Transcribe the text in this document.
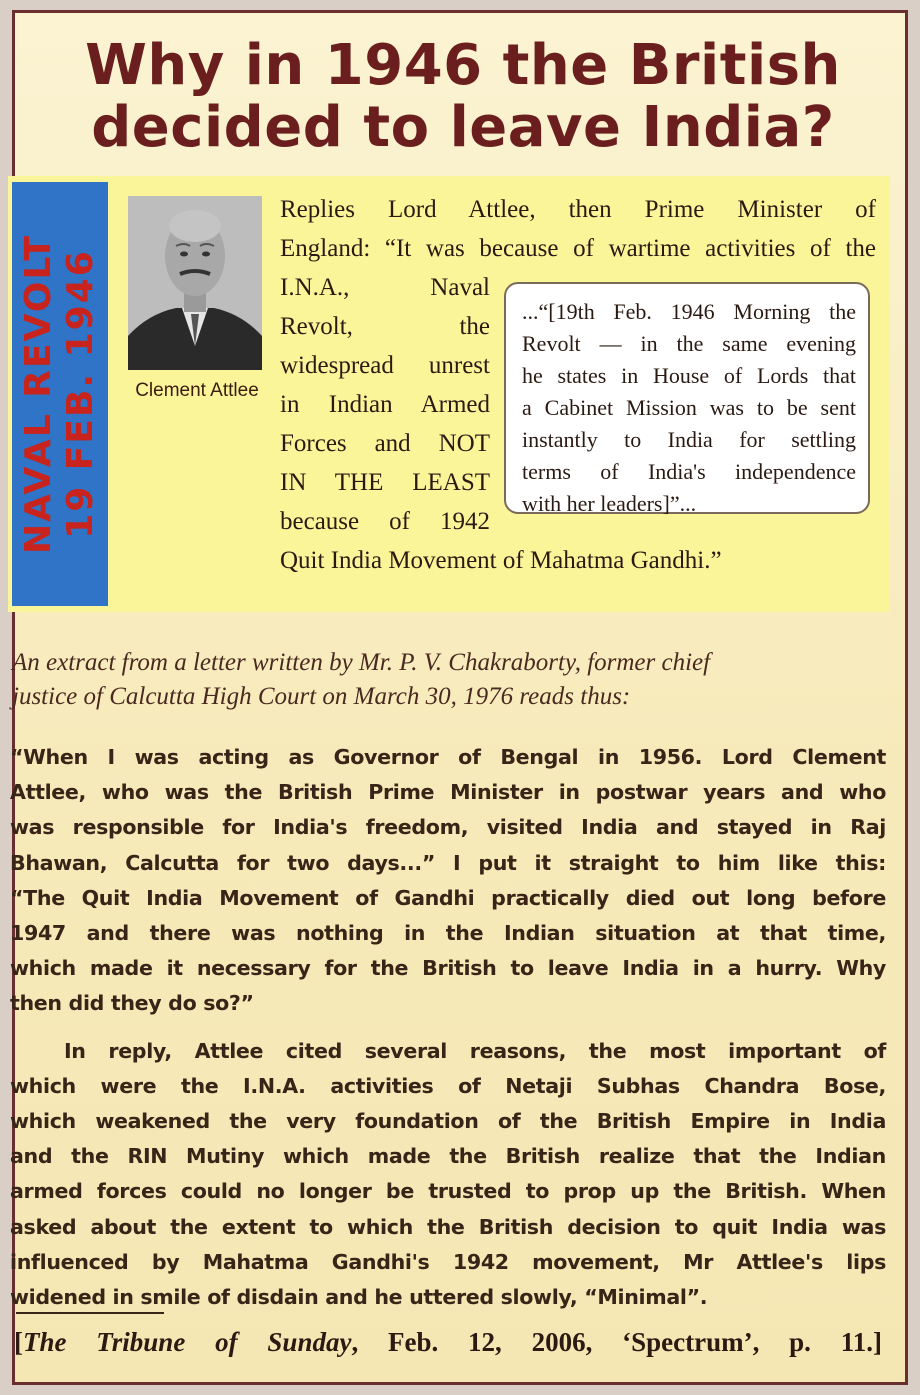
Why in 1946 the British
decided to leave India?
NAVAL REVOLT 19 FEB. 1946	Clement Attlee
Replies Lord Attlee, then Prime Minister of
England: “It was because of wartime activities of the
I.N.A., Naval
Revolt, the
widespread unrest
in Indian Armed
Forces and NOT
IN THE LEAST
because of 1942
Quit India Movement of Mahatma Gandhi.”
...“[19th Feb. 1946 Morning the
Revolt — in the same evening
he states in House of Lords that
a Cabinet Mission was to be sent
instantly to India for settling
terms of India's independence
with her leaders]”...
An extract from a letter written by Mr. P. V. Chakraborty, former chief
justice of Calcutta High Court on March 30, 1976 reads thus:
“When I was acting as Governor of Bengal in 1956. Lord Clement
Attlee, who was the British Prime Minister in postwar years and who
was responsible for India's freedom, visited India and stayed in Raj
Bhawan, Calcutta for two days...” I put it straight to him like this:
“The Quit India Movement of Gandhi practically died out long before
1947 and there was nothing in the Indian situation at that time,
which made it necessary for the British to leave India in a hurry. Why
then did they do so?”
In reply, Attlee cited several reasons, the most important of
which were the I.N.A. activities of Netaji Subhas Chandra Bose,
which weakened the very foundation of the British Empire in India
and the RIN Mutiny which made the British realize that the Indian
armed forces could no longer be trusted to prop up the British. When
asked about the extent to which the British decision to quit India was
influenced by Mahatma Gandhi's 1942 movement, Mr Attlee's lips
widened in smile of disdain and he uttered slowly, “Minimal”.
[The Tribune of Sunday, Feb. 12, 2006, ‘Spectrum’, p. 11.]
